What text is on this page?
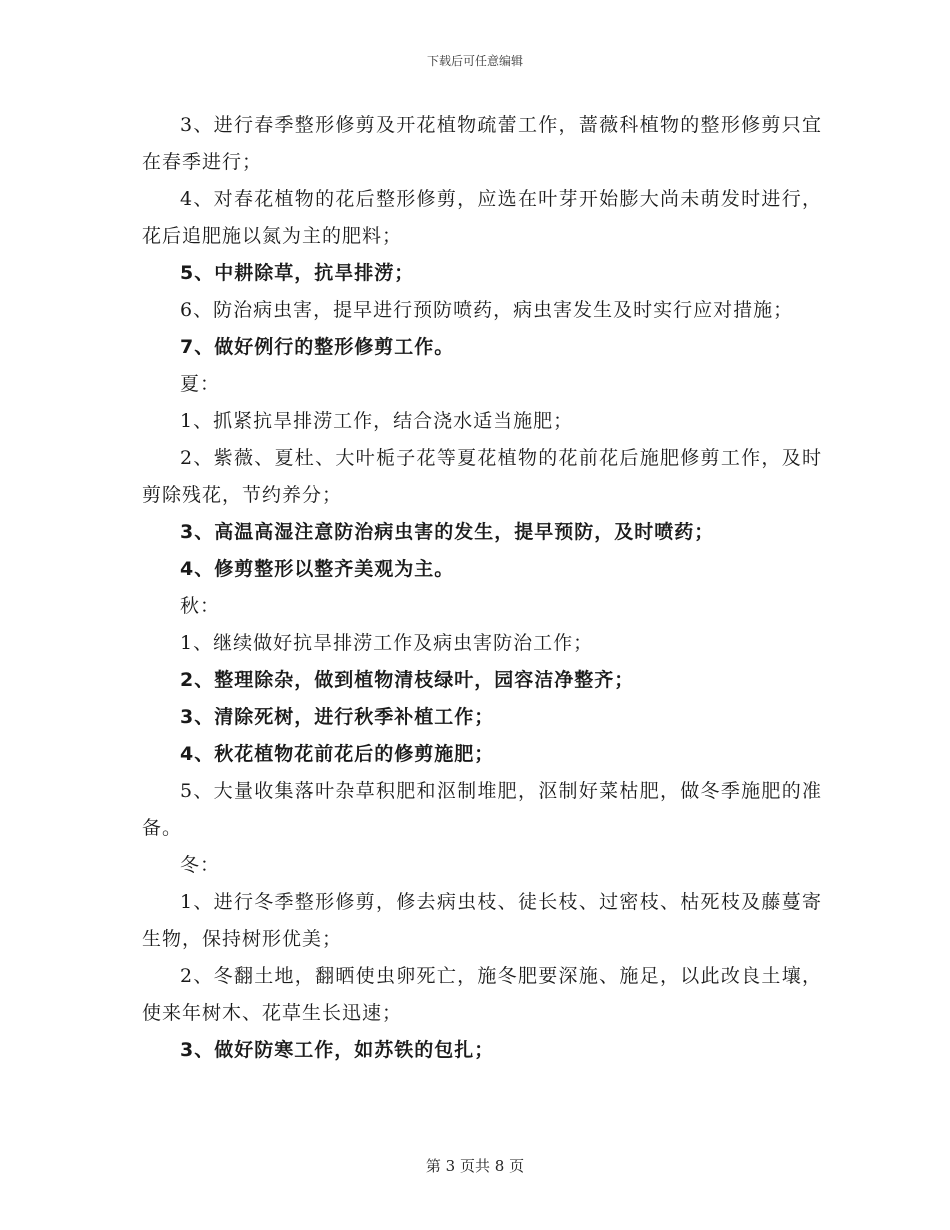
下载后可任意编辑

3、进行春季整形修剪及开花植物疏蕾工作，蔷薇科植物的整形修剪只宜在春季进行；

4、对春花植物的花后整形修剪，应选在叶芽开始膨大尚未萌发时进行，花后追肥施以氮为主的肥料；

5、中耕除草，抗旱排涝；

6、防治病虫害，提早进行预防喷药，病虫害发生及时实行应对措施；

7、做好例行的整形修剪工作。

夏：

1、抓紧抗旱排涝工作，结合浇水适当施肥；

2、紫薇、夏杜、大叶栀子花等夏花植物的花前花后施肥修剪工作，及时剪除残花，节约养分；

3、高温高湿注意防治病虫害的发生，提早预防，及时喷药；

4、修剪整形以整齐美观为主。

秋：

1、继续做好抗旱排涝工作及病虫害防治工作；

2、整理除杂，做到植物清枝绿叶，园容洁净整齐；

3、清除死树，进行秋季补植工作；

4、秋花植物花前花后的修剪施肥；

5、大量收集落叶杂草积肥和沤制堆肥，沤制好菜枯肥，做冬季施肥的准备。

冬：

1、进行冬季整形修剪，修去病虫枝、徒长枝、过密枝、枯死枝及藤蔓寄生物，保持树形优美；

2、冬翻土地，翻晒使虫卵死亡，施冬肥要深施、施足，以此改良土壤，使来年树木、花草生长迅速；

3、做好防寒工作，如苏铁的包扎；

第 3 页共 8 页
